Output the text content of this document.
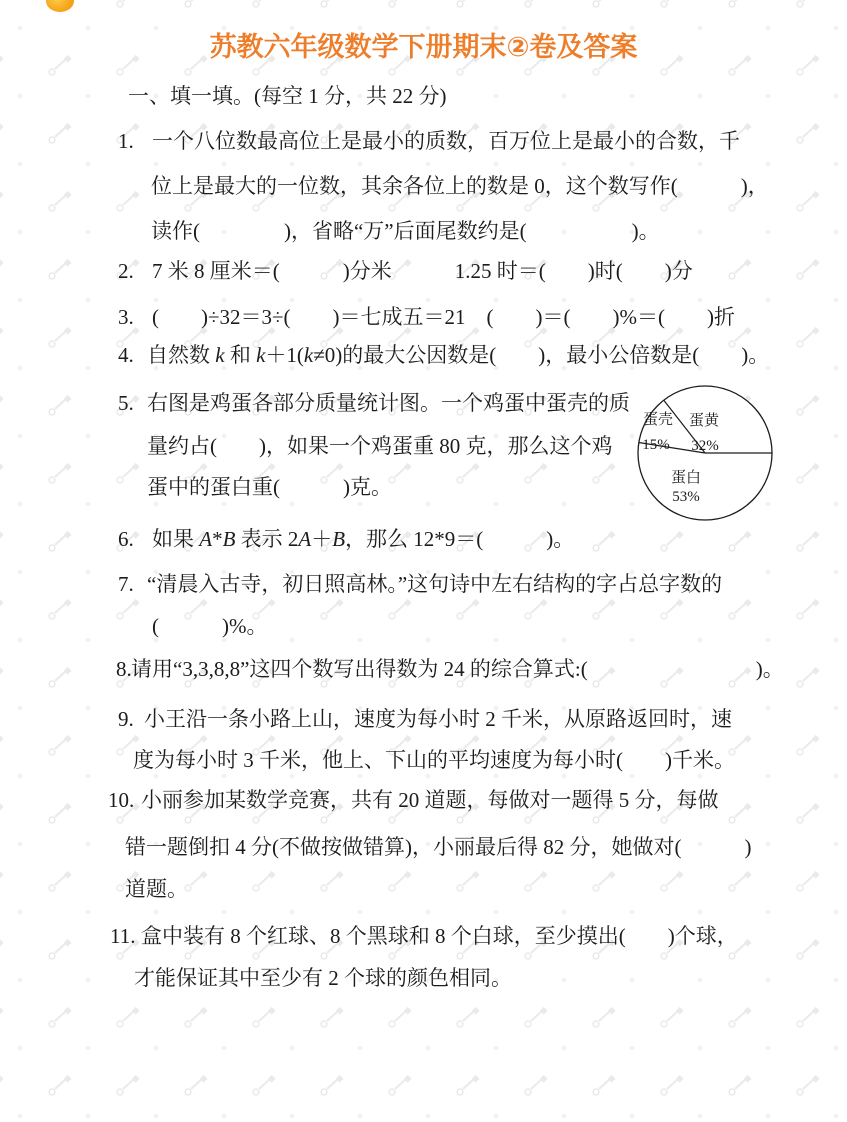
苏教六年级数学下册期末②卷及答案
一、填一填。(每空 1 分，共 22 分)
1. 一个八位数最高位上是最小的质数，百万位上是最小的合数，千
位上是最大的一位数，其余各位上的数是 0，这个数写作(　　　)，
读作(　　　　)，省略“万”后面尾数约是(　　　　　)。
2. 7 米 8 厘米＝(　　　)分米　　　1.25 时＝(　　)时(　　)分
3. (　　)÷32＝3÷(　　)＝七成五＝21　(　　)＝(　　)%＝(　　)折
4. 自然数 k 和 k＋1(k≠0)的最大公因数是(　　)，最小公倍数是(　　)。
5. 右图是鸡蛋各部分质量统计图。一个鸡蛋中蛋壳的质
量约占(　　)，如果一个鸡蛋重 80 克，那么这个鸡
蛋中的蛋白重(　　　)克。
蛋壳
15%
蛋黄
32%
蛋白
53%
6. 如果 A*B 表示 2A＋B，那么 12*9＝(　　　)。
7. “清晨入古寺，初日照高林。”这句诗中左右结构的字占总字数的
(　　　)%。
8. 请用“3,3,8,8”这四个数写出得数为 24 的综合算式:(　　　　　　　　)。
9. 小王沿一条小路上山，速度为每小时 2 千米，从原路返回时，速
度为每小时 3 千米，他上、下山的平均速度为每小时(　　)千米。
10. 小丽参加某数学竞赛，共有 20 道题，每做对一题得 5 分，每做
错一题倒扣 4 分(不做按做错算)，小丽最后得 82 分，她做对(　　　)
道题。
11. 盒中装有 8 个红球、8 个黑球和 8 个白球，至少摸出(　　)个球，
才能保证其中至少有 2 个球的颜色相同。
